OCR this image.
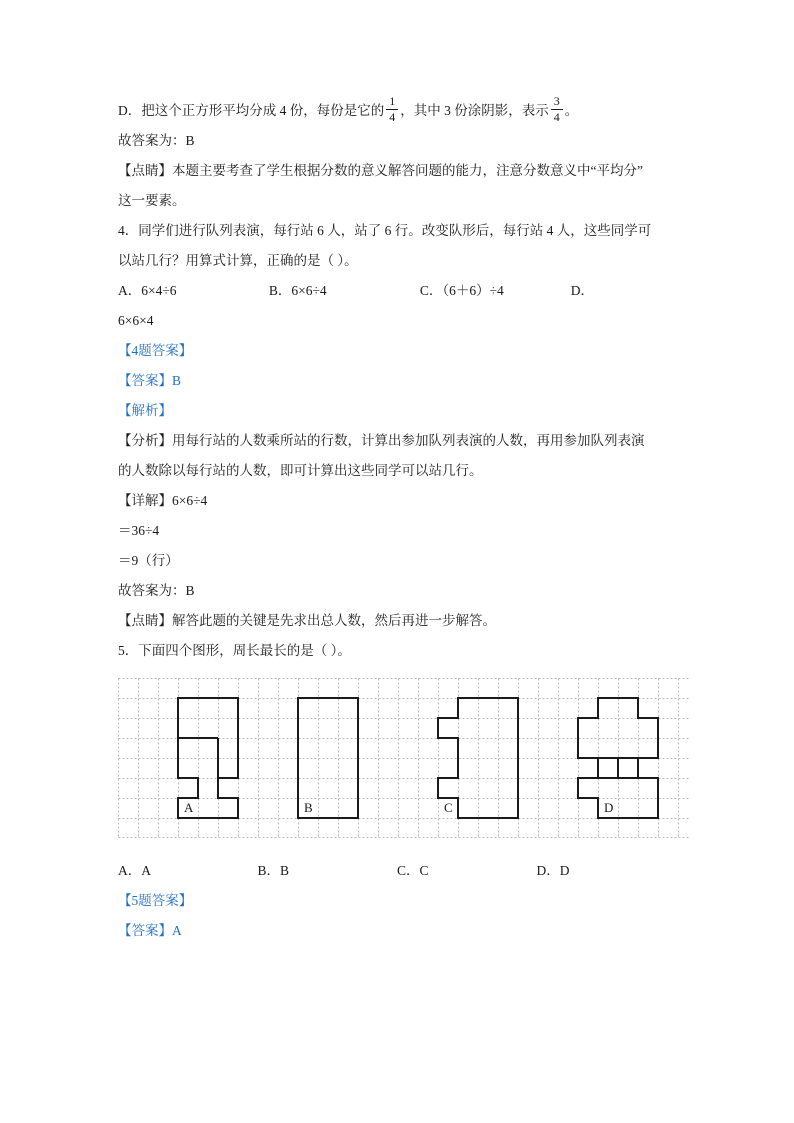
D．把这个正方形平均分成 4 份，每份是它的 $\frac{1}{4}$ ，其中 3 份涂阴影，表示 $\frac{3}{4}$ 。
故答案为：B
【点睛】本题主要考查了学生根据分数的意义解答问题的能力，注意分数意义中“平均分”
这一要素。
4．同学们进行队列表演，每行站 6 人，站了 6 行。改变队形后，每行站 4 人，这些同学可
以站几行？用算式计算，正确的是（ ）。
A．6×4÷6	B．6×6÷4	C．（6＋6）÷4	D．
6×6×4
【4题答案】
【答案】B
【解析】
【分析】用每行站的人数乘所站的行数，计算出参加队列表演的人数，再用参加队列表演
的人数除以每行站的人数，即可计算出这些同学可以站几行。
【详解】6×6÷4
＝36÷4
＝9（行）
故答案为：B
【点睛】解答此题的关键是先求出总人数，然后再进一步解答。
5．下面四个图形，周长最长的是（ ）。
A	B	C	D
A．A	B．B	C．C	D．D
【5题答案】
【答案】A
